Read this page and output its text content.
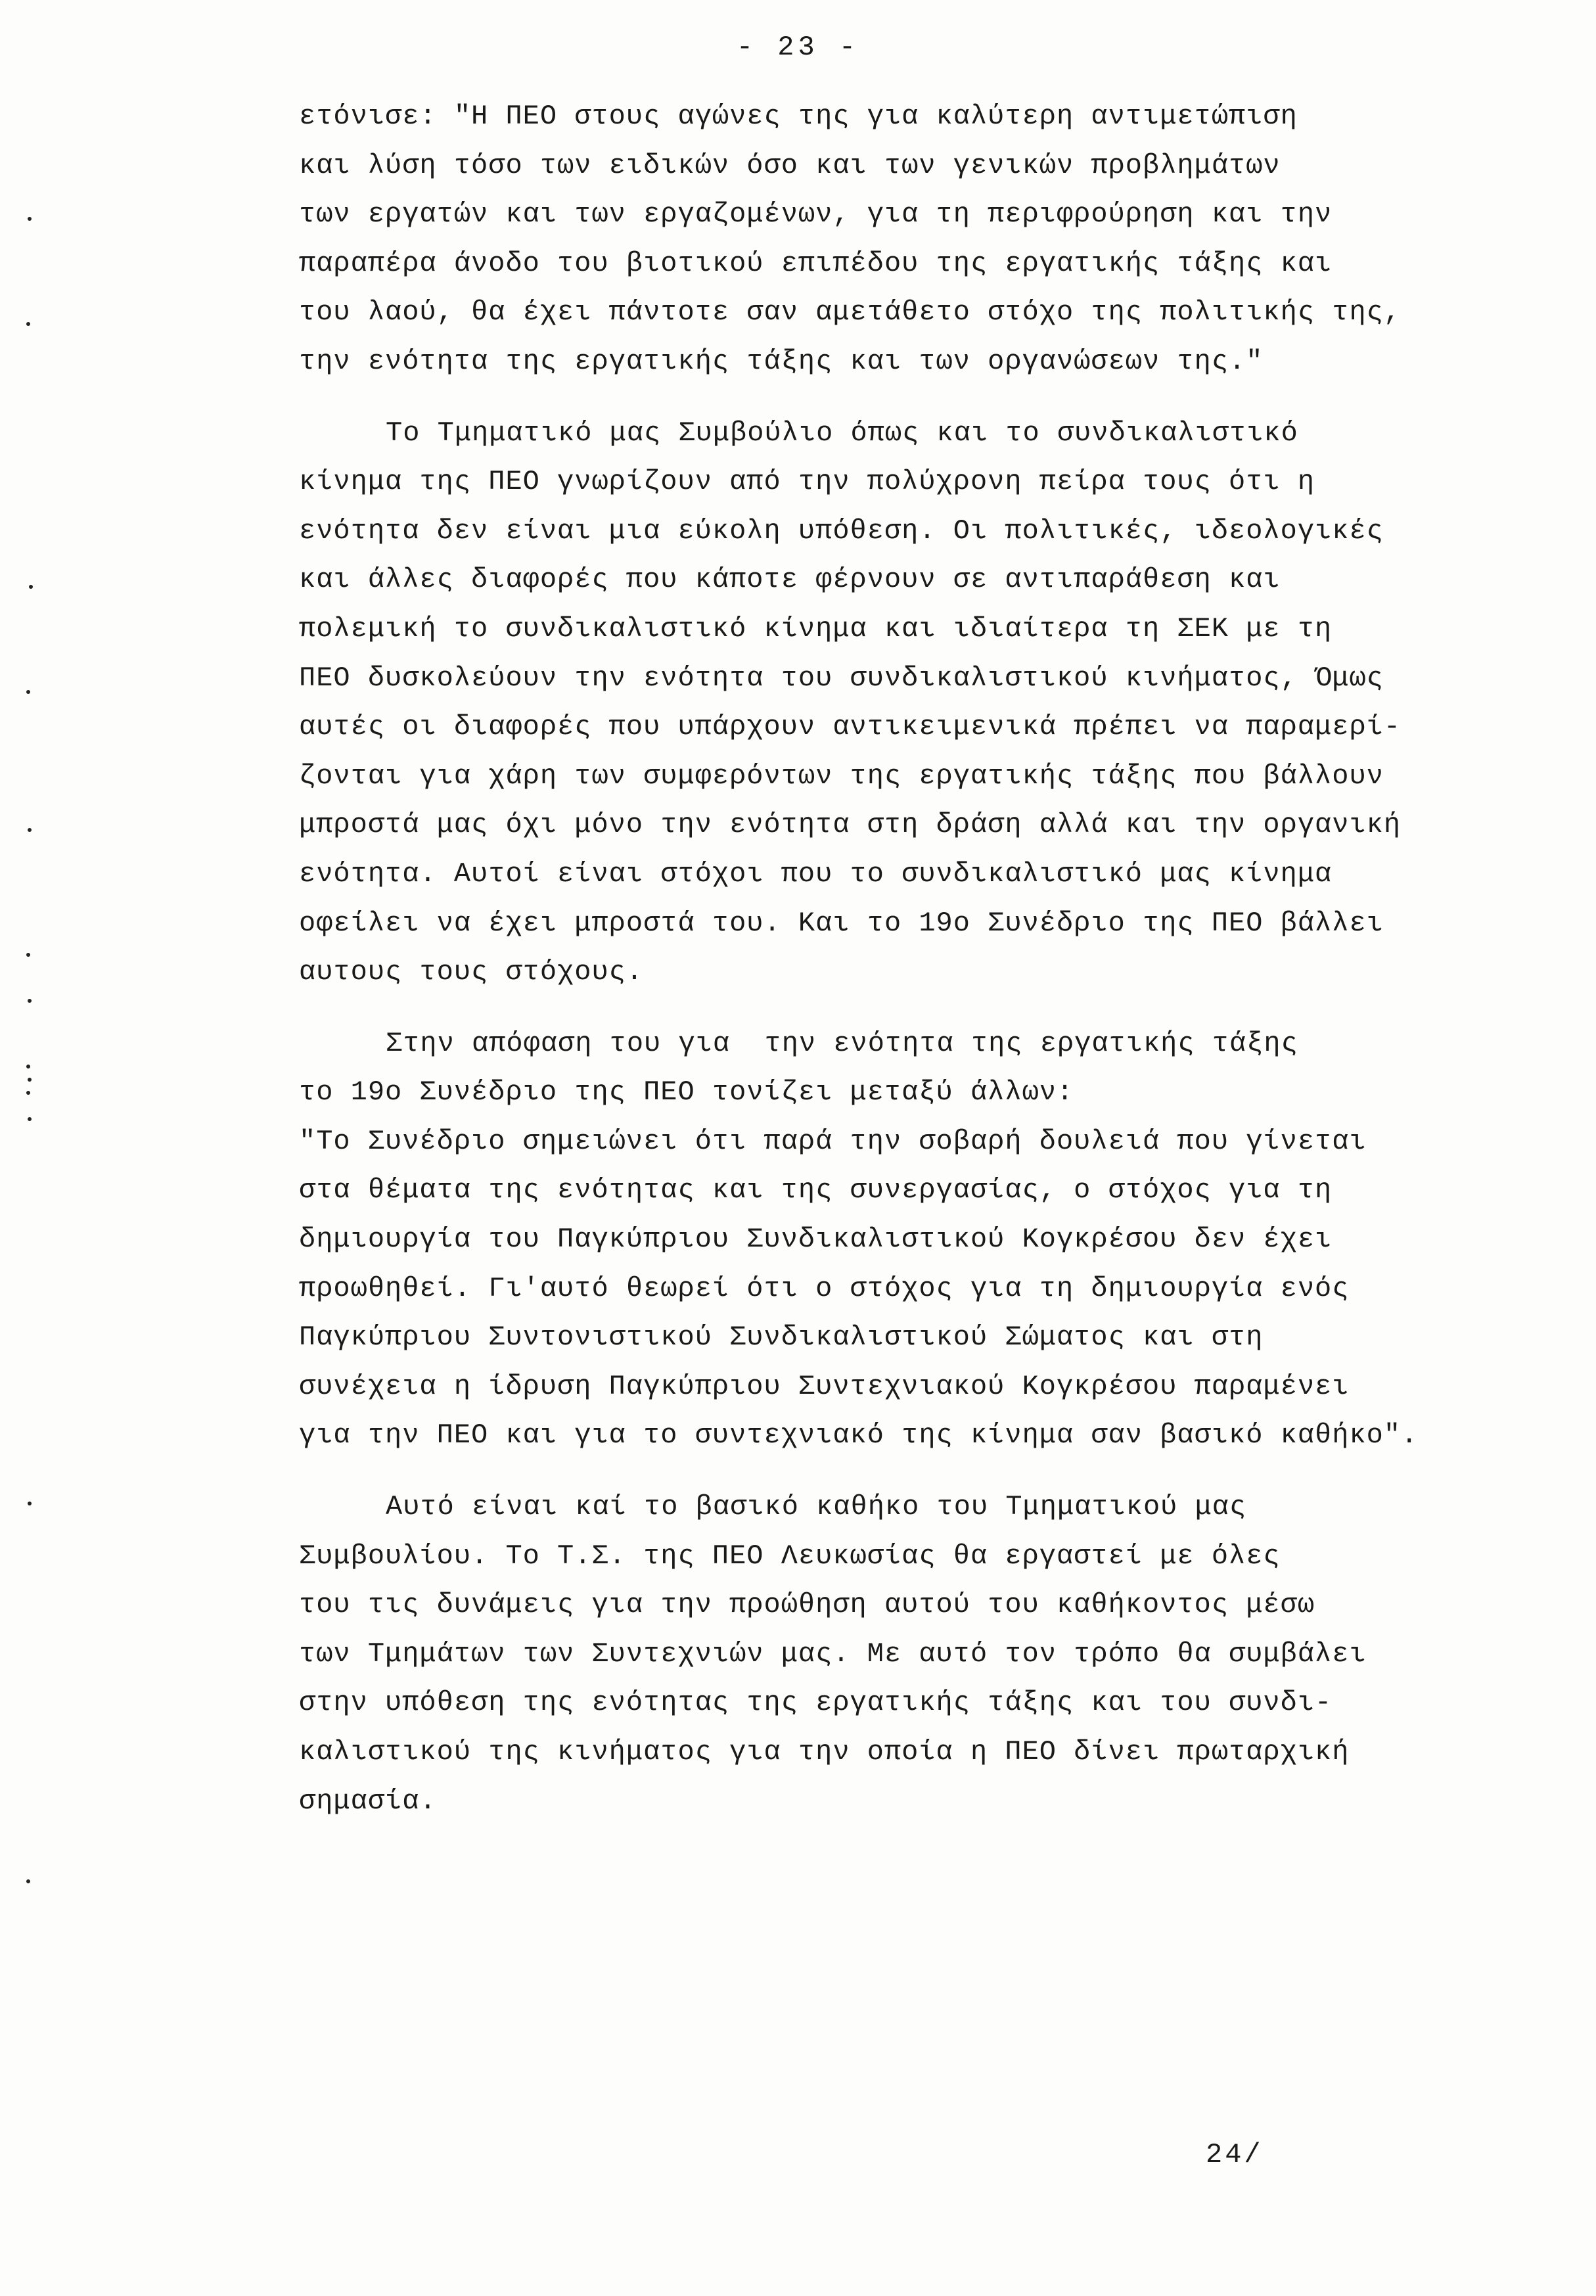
- 23 -
ετόνισε: "Η ΠΕΟ στους αγώνες της για καλύτερη αντιμετώπιση
και λύση τόσο των ειδικών όσο και των γενικών προβλημάτων
των εργατών και των εργαζομένων, για τη περιφρούρηση και την
παραπέρα άνοδο του βιοτικού επιπέδου της εργατικής τάξης και
του λαού, θα έχει πάντοτε σαν αμετάθετο στόχο της πολιτικής της,
την ενότητα της εργατικής τάξης και των οργανώσεων της."
Το Τμηματικό μας Συμβούλιο όπως και το συνδικαλιστικό
κίνημα της ΠΕΟ γνωρίζουν από την πολύχρονη πείρα τους ότι η
ενότητα δεν είναι μια εύκολη υπόθεση. Οι πολιτικές, ιδεολογικές
και άλλες διαφορές που κάποτε φέρνουν σε αντιπαράθεση και
πολεμική το συνδικαλιστικό κίνημα και ιδιαίτερα τη ΣΕΚ με τη
ΠΕΟ δυσκολεύουν την ενότητα του συνδικαλιστικού κινήματος, Όμως
αυτές οι διαφορές που υπάρχουν αντικειμενικά πρέπει να παραμερί-
ζονται για χάρη των συμφερόντων της εργατικής τάξης που βάλλουν
μπροστά μας όχι μόνο την ενότητα στη δράση αλλά και την οργανική
ενότητα. Αυτοί είναι στόχοι που το συνδικαλιστικό μας κίνημα
οφείλει να έχει μπροστά του. Και το 19ο Συνέδριο της ΠΕΟ βάλλει
αυτους τους στόχους.
Στην απόφαση του για  την ενότητα της εργατικής τάξης
το 19ο Συνέδριο της ΠΕΟ τονίζει μεταξύ άλλων:
"Το Συνέδριο σημειώνει ότι παρά την σοβαρή δουλειά που γίνεται
στα θέματα της ενότητας και της συνεργασίας, ο στόχος για τη
δημιουργία του Παγκύπριου Συνδικαλιστικού Κογκρέσου δεν έχει
προωθηθεί. Γι'αυτό θεωρεί ότι ο στόχος για τη δημιουργία ενός
Παγκύπριου Συντονιστικού Συνδικαλιστικού Σώματος και στη
συνέχεια η ίδρυση Παγκύπριου Συντεχνιακού Κογκρέσου παραμένει
για την ΠΕΟ και για το συντεχνιακό της κίνημα σαν βασικό καθήκο".
Αυτό είναι καί το βασικό καθήκο του Τμηματικού μας
Συμβουλίου. Το Τ.Σ. της ΠΕΟ Λευκωσίας θα εργαστεί με όλες
του τις δυνάμεις για την προώθηση αυτού του καθήκοντος μέσω
των Τμημάτων των Συντεχνιών μας. Με αυτό τον τρόπο θα συμβάλει
στην υπόθεση της ενότητας της εργατικής τάξης και του συνδι-
καλιστικού της κινήματος για την οποία η ΠΕΟ δίνει πρωταρχική
σημασία.
24/
